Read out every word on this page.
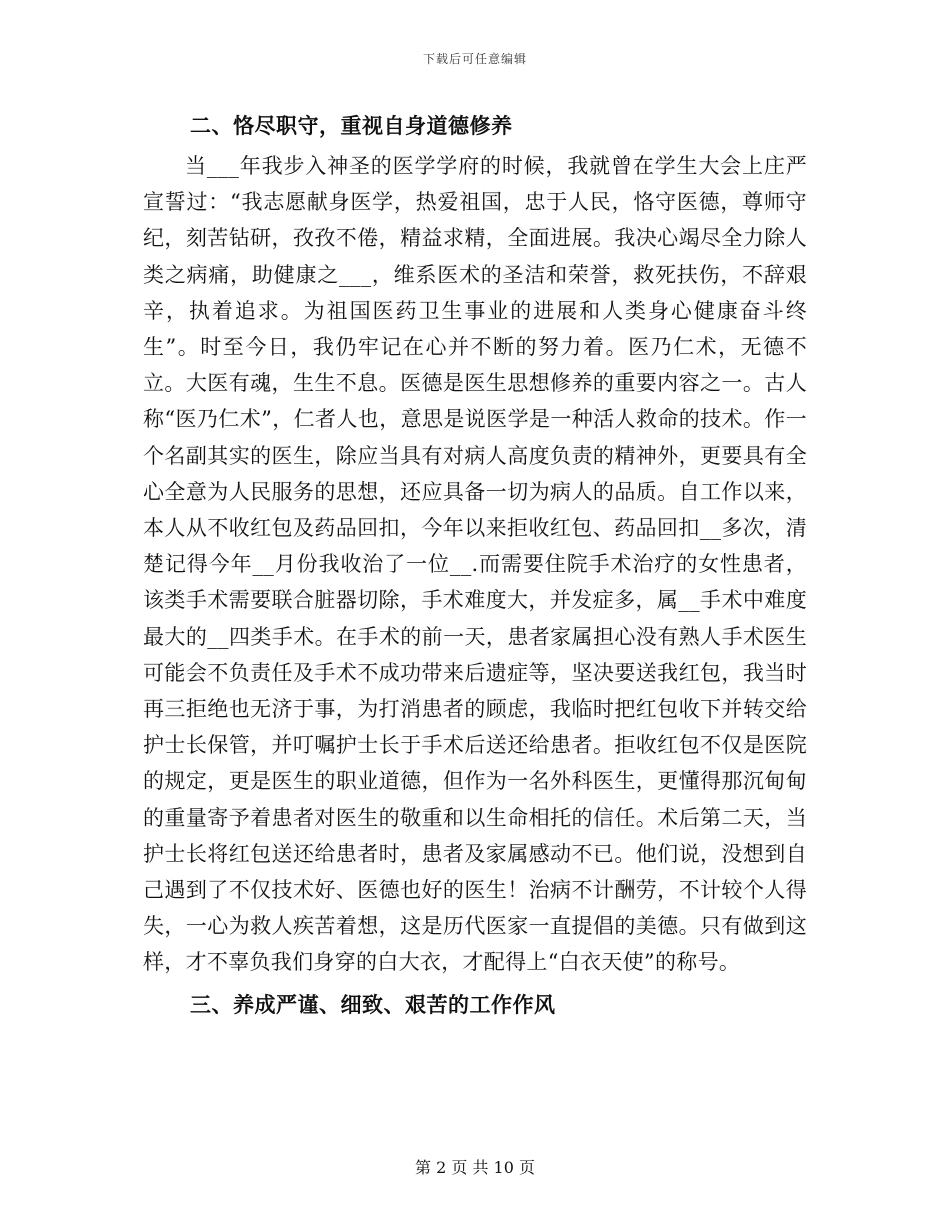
下载后可任意编辑
二、恪尽职守，重视自身道德修养

当___年我步入神圣的医学学府的时候，我就曾在学生大会上庄严宣誓过：“我志愿献身医学，热爱祖国，忠于人民，恪守医德，尊师守纪，刻苦钻研，孜孜不倦，精益求精，全面进展。我决心竭尽全力除人类之病痛，助健康之___，维系医术的圣洁和荣誉，救死扶伤，不辞艰辛，执着追求。为祖国医药卫生事业的进展和人类身心健康奋斗终生”。时至今日，我仍牢记在心并不断的努力着。医乃仁术，无德不立。大医有魂，生生不息。医德是医生思想修养的重要内容之一。古人称“医乃仁术”，仁者人也，意思是说医学是一种活人救命的技术。作一个名副其实的医生，除应当具有对病人高度负责的精神外，更要具有全心全意为人民服务的思想，还应具备一切为病人的品质。自工作以来，本人从不收红包及药品回扣，今年以来拒收红包、药品回扣__多次，清楚记得今年__月份我收治了一位__.而需要住院手术治疗的女性患者，该类手术需要联合脏器切除，手术难度大，并发症多，属__手术中难度最大的__四类手术。在手术的前一天，患者家属担心没有熟人手术医生可能会不负责任及手术不成功带来后遗症等，坚决要送我红包，我当时再三拒绝也无济于事，为打消患者的顾虑，我临时把红包收下并转交给护士长保管，并叮嘱护士长于手术后送还给患者。拒收红包不仅是医院的规定，更是医生的职业道德，但作为一名外科医生，更懂得那沉甸甸的重量寄予着患者对医生的敬重和以生命相托的信任。术后第二天，当护士长将红包送还给患者时，患者及家属感动不已。他们说，没想到自己遇到了不仅技术好、医德也好的医生！治病不计酬劳，不计较个人得失，一心为救人疾苦着想，这是历代医家一直提倡的美德。只有做到这样，才不辜负我们身穿的白大衣，才配得上“白衣天使”的称号。

三、养成严谨、细致、艰苦的工作作风
第 2 页 共 10 页
